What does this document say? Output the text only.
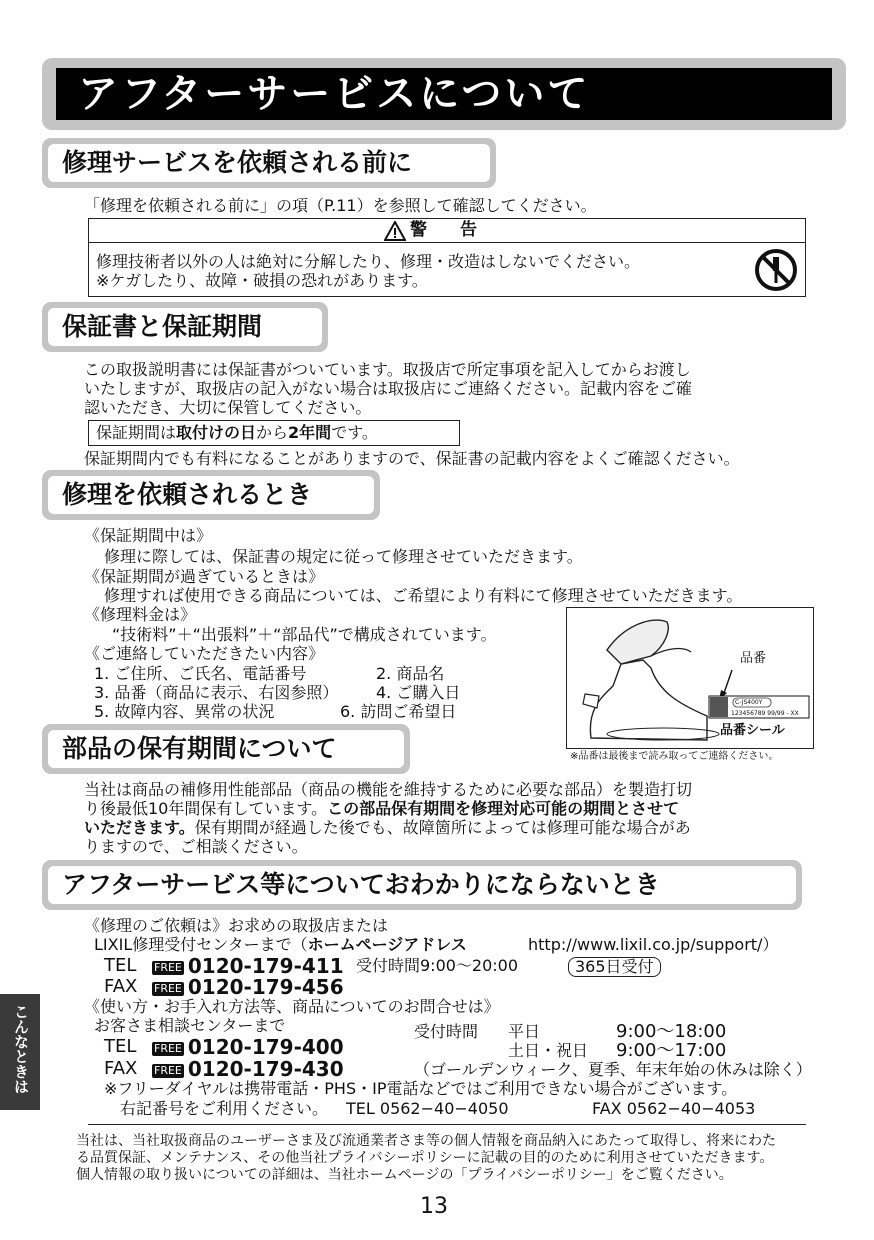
アフターサービスについて
修理サービスを依頼される前に
「修理を依頼される前に」の項（P.11）を参照して確認してください。
警　告
修理技術者以外の人は絶対に分解したり、修理・改造はしないでください。
※ケガしたり、故障・破損の恐れがあります。
保証書と保証期間
この取扱説明書には保証書がついています。取扱店で所定事項を記入してからお渡し
いたしますが、取扱店の記入がない場合は取扱店にご連絡ください。記載内容をご確
認いただき、大切に保管してください。
保証期間は取付けの日から2年間です。
保証期間内でも有料になることがありますので、保証書の記載内容をよくご確認ください。
修理を依頼されるとき
《保証期間中は》
修理に際しては、保証書の規定に従って修理させていただきます。
《保証期間が過ぎているときは》
修理すれば使用できる商品については、ご希望により有料にて修理させていただきます。
《修理料金は》
“技術料”＋“出張料”＋“部品代”で構成されています。
《ご連絡していただきたい内容》
1. ご住所、ご氏名、電話番号	2. 商品名
3. 品番（商品に表示、右図参照） 4. ご購入日
5. 故障内容、異常の状況	6. 訪問ご希望日
品番
C-JS400Y
123456789 99/99 - XX
品番シール
※品番は最後まで読み取ってご連絡ください。
部品の保有期間について
当社は商品の補修用性能部品（商品の機能を維持するために必要な部品）を製造打切
り後最低10年間保有しています。この部品保有期間を修理対応可能の期間とさせて
いただきます。保有期間が経過した後でも、故障箇所によっては修理可能な場合があ
りますので、ご相談ください。
アフターサービス等についておわかりにならないとき
《修理のご依頼は》お求めの取扱店または
LIXIL修理受付センターまで（ホームページアドレス	http://www.lixil.co.jp/support/）
TEL FREE 0120-179-411 受付時間9:00～20:00	365日受付
FAX FREE 0120-179-456
《使い方・お手入れ方法等、商品についてのお問合せは》
お客さま相談センターまで
TEL FREE 0120-179-400
FAX FREE 0120-179-430
受付時間 平日	9:00～18:00
土日・祝日 9:00～17:00
（ゴールデンウィーク、夏季、年末年始の休みは除く）
※フリーダイヤルは携帯電話・PHS・IP電話などではご利用できない場合がございます。
右記番号をご利用ください。 TEL 0562−40−4050	FAX 0562−40−4053
当社は、当社取扱商品のユーザーさま及び流通業者さま等の個人情報を商品納入にあたって取得し、将来にわた
る品質保証、メンテナンス、その他当社プライバシーポリシーに記載の目的のために利用させていただきます。
個人情報の取り扱いについての詳細は、当社ホームページの「プライバシーポリシー」をご覧ください。
13
こんなときは
